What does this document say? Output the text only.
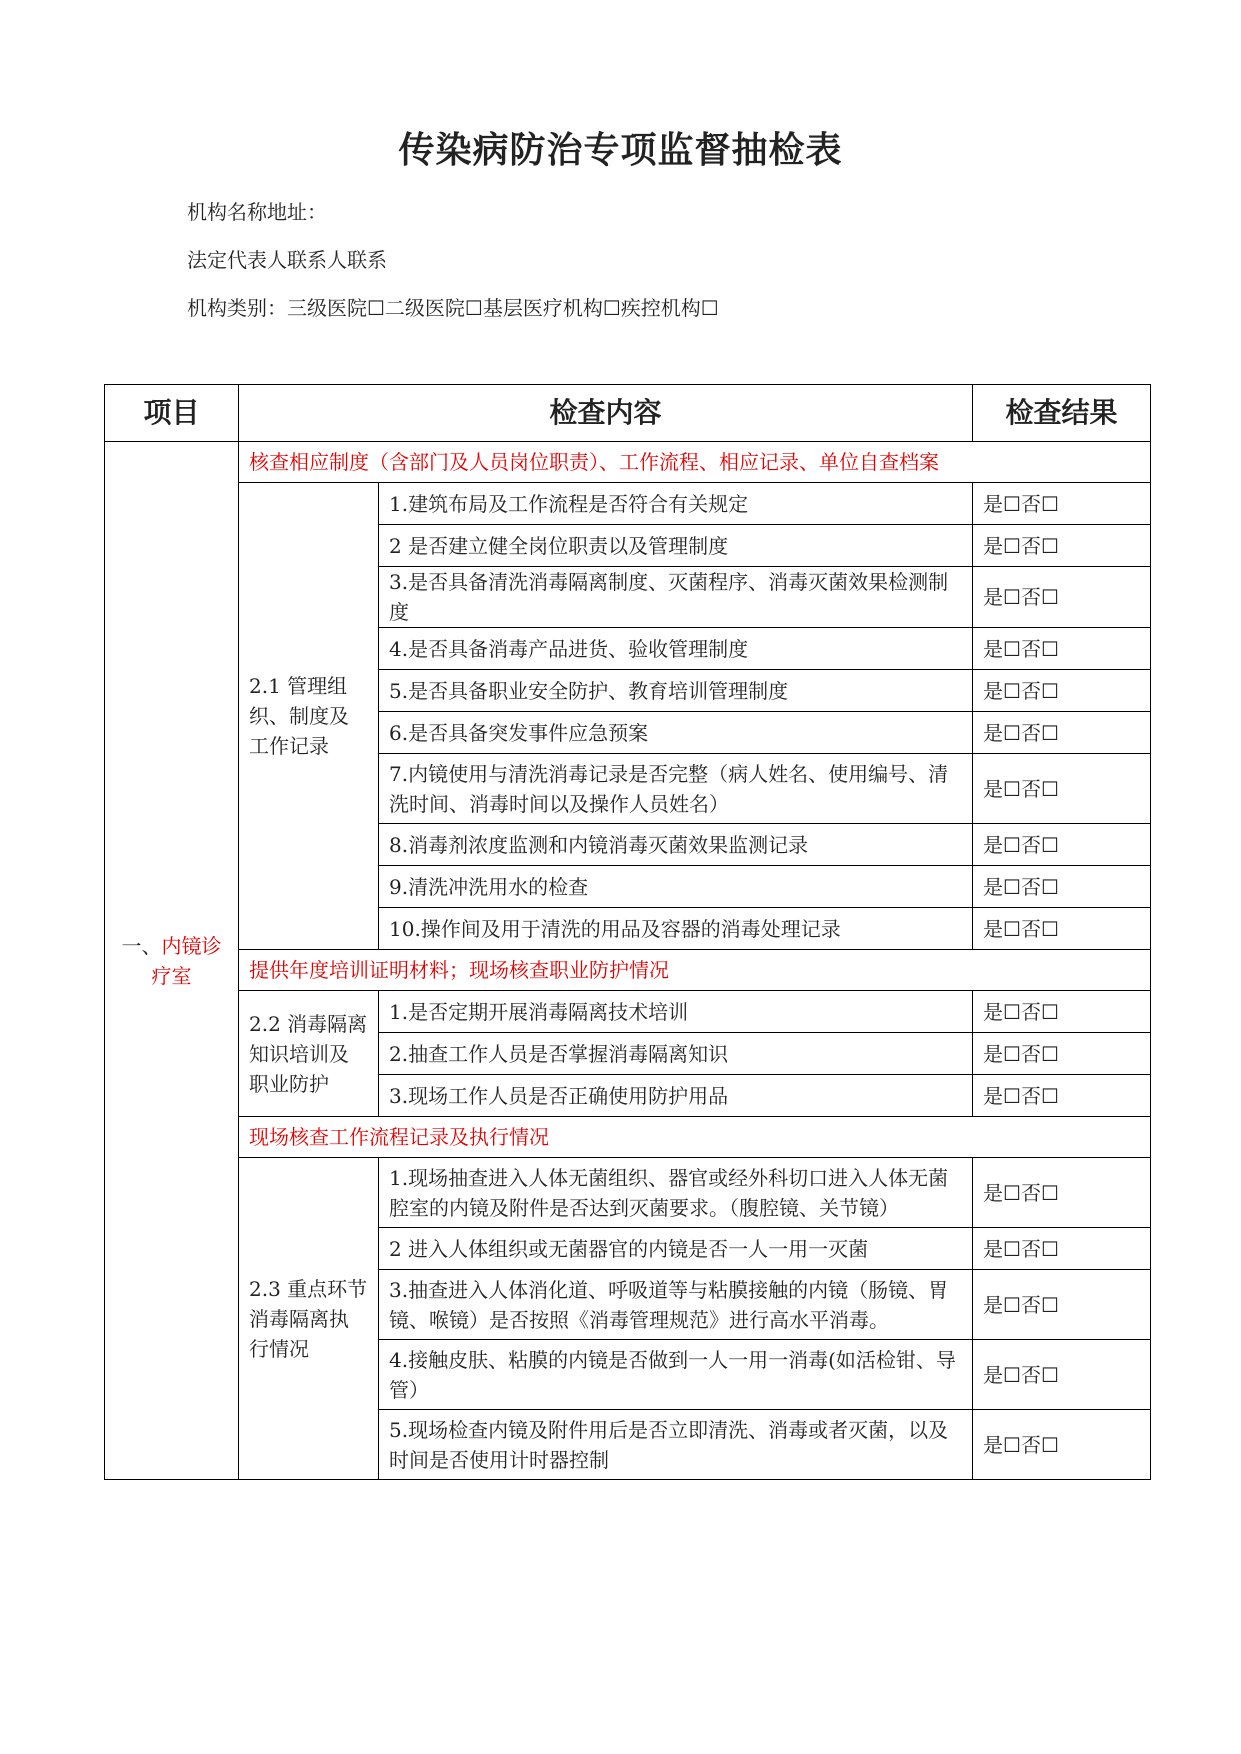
传染病防治专项监督抽检表
机构名称地址：
法定代表人联系人联系
机构类别：三级医院☐二级医院☐基层医疗机构☐疾控机构☐
项目	检查内容		检查结果
一、内镜诊疗室	核查相应制度（含部门及人员岗位职责）、工作流程、相应记录、单位自查档案		
	2.1 管理组织、制度及工作记录	1.建筑布局及工作流程是否符合有关规定	是☐否☐
		2 是否建立健全岗位职责以及管理制度	是☐否☐
		3.是否具备清洗消毒隔离制度、灭菌程序、消毒灭菌效果检测制度	是☐否☐
		4.是否具备消毒产品进货、验收管理制度	是☐否☐
		5.是否具备职业安全防护、教育培训管理制度	是☐否☐
		6.是否具备突发事件应急预案	是☐否☐
		7.内镜使用与清洗消毒记录是否完整（病人姓名、使用编号、清洗时间、消毒时间以及操作人员姓名）	是☐否☐
		8.消毒剂浓度监测和内镜消毒灭菌效果监测记录	是☐否☐
		9.清洗冲洗用水的检查	是☐否☐
		10.操作间及用于清洗的用品及容器的消毒处理记录	是☐否☐
	提供年度培训证明材料；现场核查职业防护情况		
	2.2 消毒隔离知识培训及职业防护	1.是否定期开展消毒隔离技术培训	是☐否☐
		2.抽查工作人员是否掌握消毒隔离知识	是☐否☐
		3.现场工作人员是否正确使用防护用品	是☐否☐
	现场核查工作流程记录及执行情况		
	2.3 重点环节消毒隔离执行情况	1.现场抽查进入人体无菌组织、器官或经外科切口进入人体无菌腔室的内镜及附件是否达到灭菌要求。（腹腔镜、关节镜）	是☐否☐
		2 进入人体组织或无菌器官的内镜是否一人一用一灭菌	是☐否☐
		3.抽查进入人体消化道、呼吸道等与粘膜接触的内镜（肠镜、胃镜、喉镜）是否按照《消毒管理规范》进行高水平消毒。	是☐否☐
		4.接触皮肤、粘膜的内镜是否做到一人一用一消毒(如活检钳、导管）	是☐否☐
		5.现场检查内镜及附件用后是否立即清洗、消毒或者灭菌，以及时间是否使用计时器控制	是☐否☐
